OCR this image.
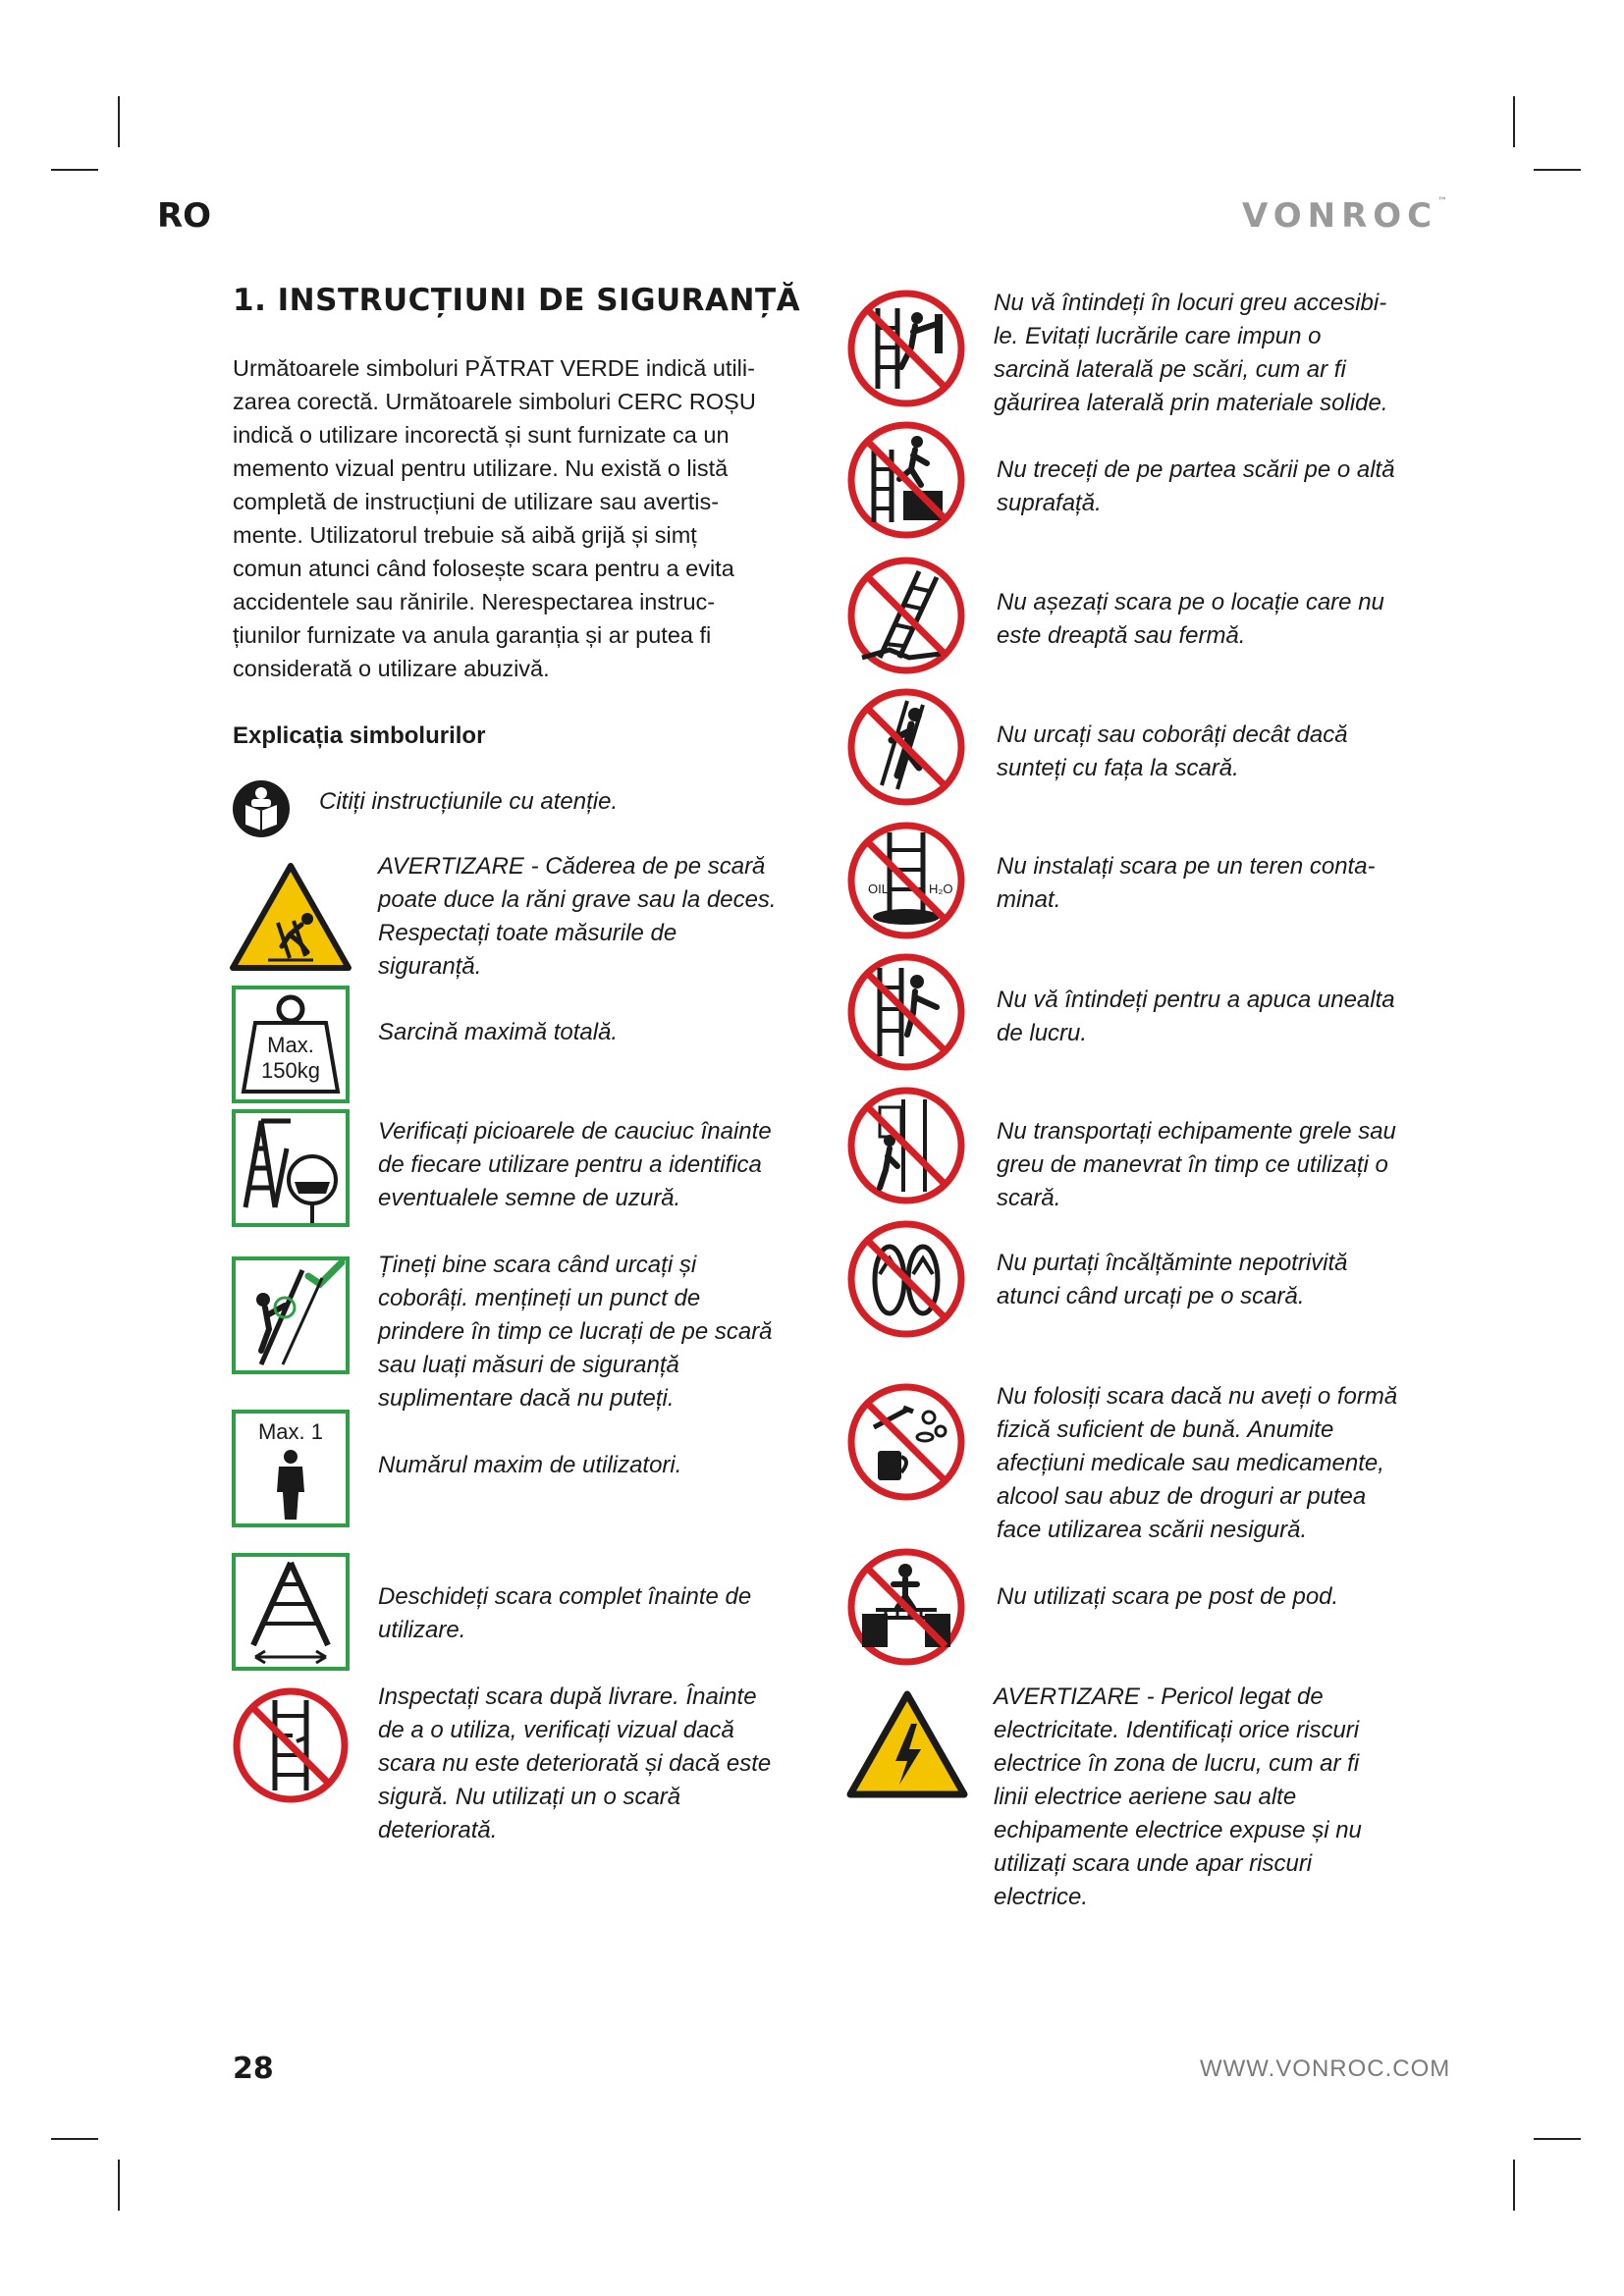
RO	VONROC™
1. INSTRUCȚIUNI DE SIGURANȚĂ

Următoarele simboluri PĂTRAT VERDE indică utili-
zarea corectă. Următoarele simboluri CERC ROȘU
indică o utilizare incorectă și sunt furnizate ca un
memento vizual pentru utilizare. Nu există o listă
completă de instrucțiuni de utilizare sau avertis-
mente. Utilizatorul trebuie să aibă grijă și simț
comun atunci când folosește scara pentru a evita
accidentele sau rănirile. Nerespectarea instruc-
țiunilor furnizate va anula garanția și ar putea fi
considerată o utilizare abuzivă.

Explicația simbolurilor
Citiți instrucțiunile cu atenție.
AVERTIZARE - Căderea de pe scară
poate duce la răni grave sau la deces.
Respectați toate măsurile de
siguranță.
Max.
150kg
Sarcină maximă totală.
Verificați picioarele de cauciuc înainte
de fiecare utilizare pentru a identifica
eventualele semne de uzură.
Țineți bine scara când urcați și
coborâți. mențineți un punct de
prindere în timp ce lucrați de pe scară
sau luați măsuri de siguranță
suplimentare dacă nu puteți.
Max. 1
Numărul maxim de utilizatori.
Deschideți scara complet înainte de
utilizare.
Inspectați scara după livrare. Înainte
de a o utiliza, verificați vizual dacă
scara nu este deteriorată și dacă este
sigură. Nu utilizați un o scară
deteriorată.
Nu vă întindeți în locuri greu accesibi-
le. Evitați lucrările care impun o
sarcină laterală pe scări, cum ar fi
găurirea laterală prin materiale solide.
Nu treceți de pe partea scării pe o altă
suprafață.
Nu așezați scara pe o locație care nu
este dreaptă sau fermă.
Nu urcați sau coborâți decât dacă
sunteți cu fața la scară.
OIL	H₂O
Nu instalați scara pe un teren conta-
minat.
Nu vă întindeți pentru a apuca unealta
de lucru.
Nu transportați echipamente grele sau
greu de manevrat în timp ce utilizați o
scară.
Nu purtați încălțăminte nepotrivită
atunci când urcați pe o scară.
Nu folosiți scara dacă nu aveți o formă
fizică suficient de bună. Anumite
afecțiuni medicale sau medicamente,
alcool sau abuz de droguri ar putea
face utilizarea scării nesigură.
Nu utilizați scara pe post de pod.
AVERTIZARE - Pericol legat de
electricitate. Identificați orice riscuri
electrice în zona de lucru, cum ar fi
linii electrice aeriene sau alte
echipamente electrice expuse și nu
utilizați scara unde apar riscuri
electrice.
28	WWW.VONROC.COM
